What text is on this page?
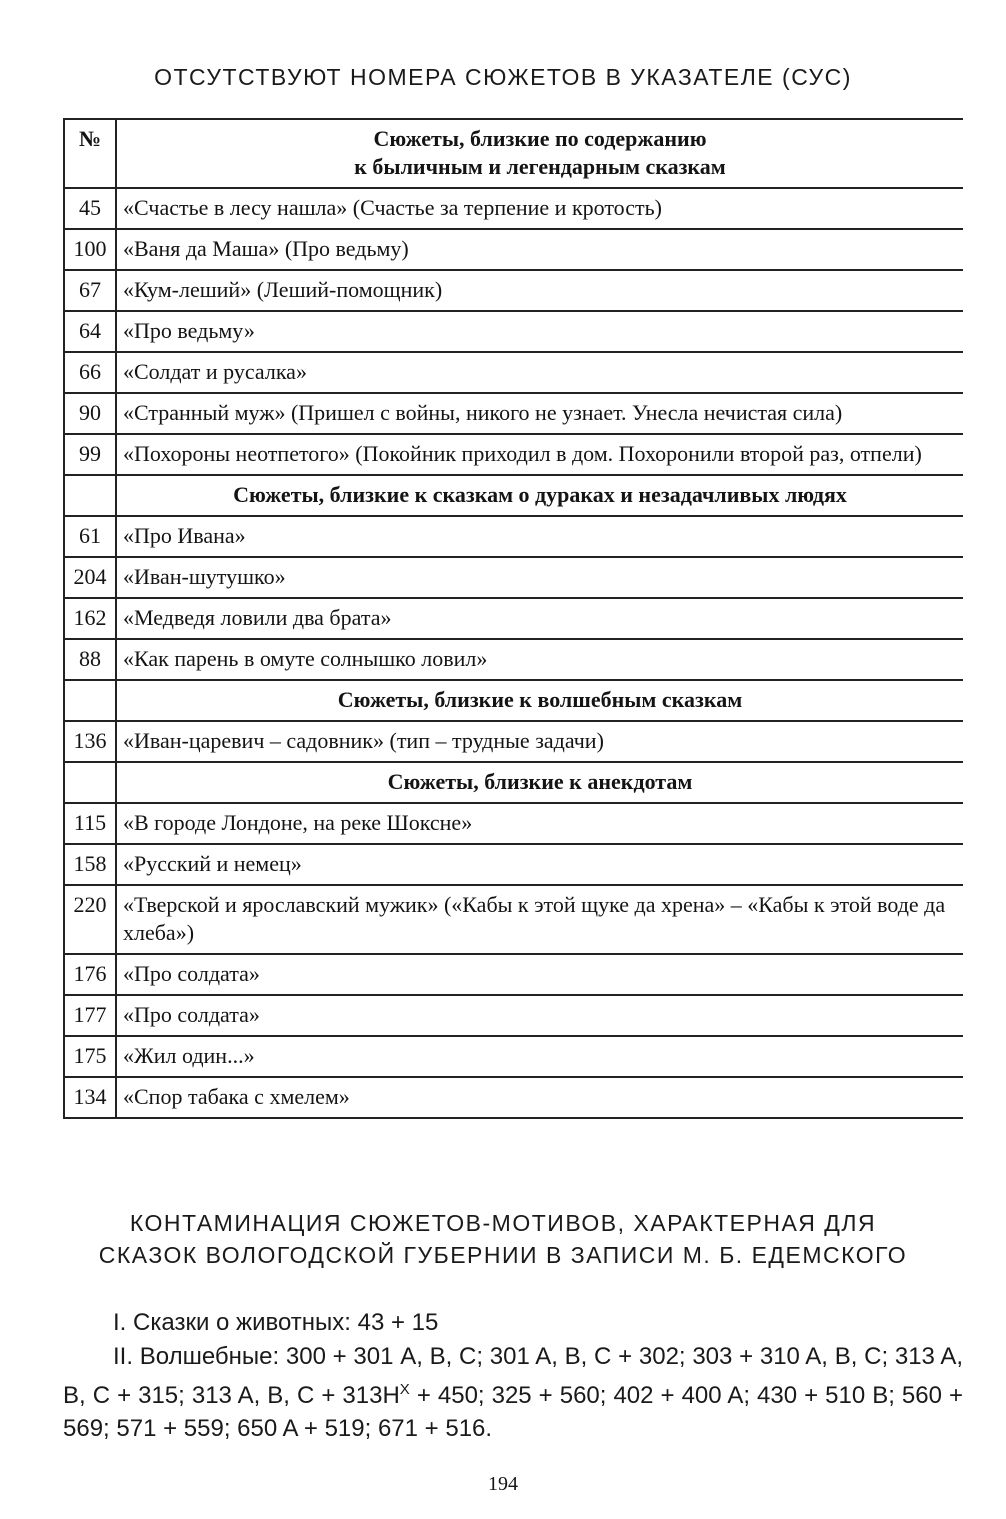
ОТСУТСТВУЮТ НОМЕРА СЮЖЕТОВ В УКАЗАТЕЛЕ (СУС)
№	Сюжеты, близкие по содержанию
к быличным и легендарным сказкам

45	«Счастье в лесу нашла» (Счастье за терпение и кротость)
100	«Ваня да Маша» (Про ведьму)
67	«Кум-леший» (Леший-помощник)
64	«Про ведьму»
66	«Солдат и русалка»
90	«Странный муж» (Пришел с войны, никого не узнает. Унесла нечистая сила)
99	«Похороны неотпетого» (Покойник приходил в дом. Похоронили второй раз, отпели)
	Сюжеты, близкие к сказкам о дураках и незадачливых людях
61	«Про Ивана»
204	«Иван-шутушко»
162	«Медведя ловили два брата»
88	«Как парень в омуте солнышко ловил»
	Сюжеты, близкие к волшебным сказкам
136	«Иван-царевич – садовник» (тип – трудные задачи)
	Сюжеты, близкие к анекдотам
115	«В городе Лондоне, на реке Шоксне»
158	«Русский и немец»
220	«Тверской и ярославский мужик» («Кабы к этой щуке да хрена» – «Кабы к этой воде да хлеба»)
176	«Про солдата»
177	«Про солдата»
175	«Жил один...»
134	«Спор табака с хмелем»
КОНТАМИНАЦИЯ СЮЖЕТОВ-МОТИВОВ, ХАРАКТЕРНАЯ ДЛЯ
СКАЗОК ВОЛОГОДСКОЙ ГУБЕРНИИ В ЗАПИСИ М. Б. ЕДЕМСКОГО
I. Сказки о животных: 43 + 15
II. Волшебные: 300 + 301 A, B, C; 301 A, B, C + 302; 303 + 310 A, B, C; 313 A, B, C + 315; 313 A, B, $C + 313H^X + 450$; 325 + 560; 402 + 400 A; 430 + 510 B; 560 + 569; 571 + 559; 650 A + 519; 671 + 516.
194
